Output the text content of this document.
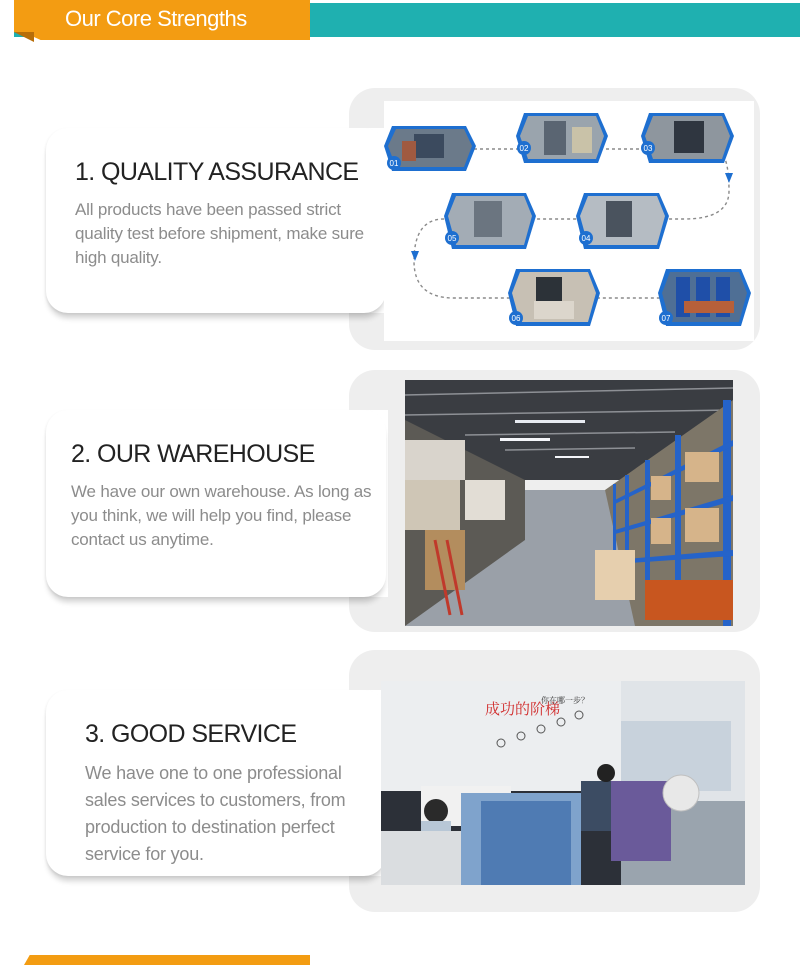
Our Core Strengths
1. QUALITY ASSURANCE
All products have been passed strict quality test before shipment, make sure high quality.
01
02	03
05	04
06	07
2. OUR WAREHOUSE
We have our own warehouse. As long as you think, we will help you find, please contact us anytime.
3. GOOD SERVICE
We have one to one professional sales services to customers, from production to destination perfect service for you.
成功的阶梯
你在哪一步？
